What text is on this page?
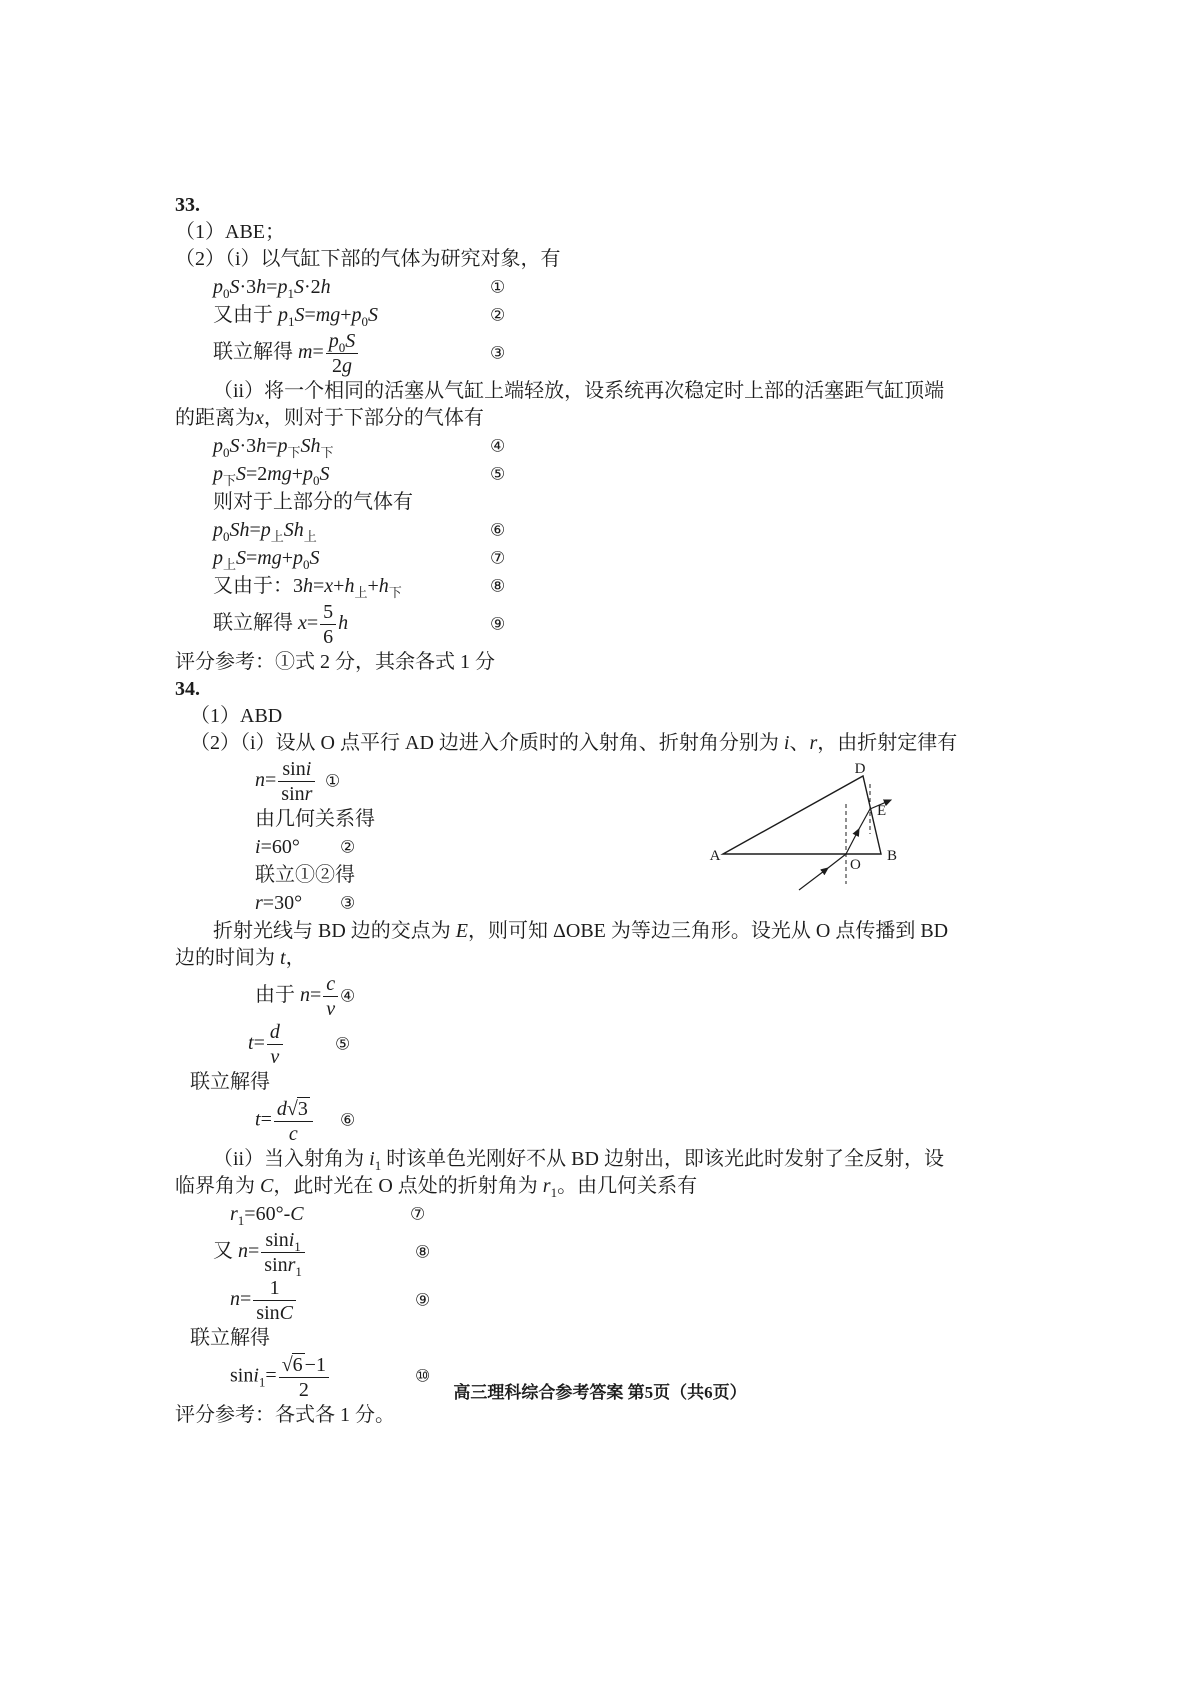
33.
（1）ABE；
（2）（i）以气缸下部的气体为研究对象，有
$p_0S\cdot 3h=p_1S\cdot 2h$	①
又由于 $p_1S=mg+p_0S$	②
联立解得 $m= \frac{p_0S}{2g}$	③
（ii）将一个相同的活塞从气缸上端轻放，设系统再次稳定时上部的活塞距气缸顶端
的距离为x，则对于下部分的气体有
$p_0S\cdot 3h=p_下Sh_下$	④
$p_下S=2mg+p_0S$	⑤
则对于上部分的气体有
$p_0Sh=p_上Sh_上$	⑥
$p_上S=mg+p_0S$	⑦
又由于：$3h=x+h_上+h_下$	⑧
联立解得 $x= \frac{5}{6}$ h	⑨
评分参考：①式 2 分，其余各式 1 分
34.
（1）ABD
（2）（i）设从 O 点平行 AD 边进入介质时的入射角、折射角分别为 i、r，由折射定律有
$n= \frac{\sin i}{\sin r}$ ①
由几何关系得
i=60° ②
联立①②得
r=30° ③
D
A	B
E
O
折射光线与 BD 边的交点为 E，则可知 ΔOBE 为等边三角形。设光从 O 点传播到 BD
边的时间为 t，
由于 $n= \frac{c}{v}$ ④
$t= \frac{d}{v}$	⑤
联立解得
$t= \frac{d√3}{c}$ ⑥
（ii）当入射角为 $i_1$ 时该单色光刚好不从 BD 边射出，即该光此时发射了全反射，设
临界角为 C，此时光在 O 点处的折射角为 $r_1$。由几何关系有
$r_1=60^\circ-C$	⑦
又 $n= \frac{\sin i_1}{\sin r_1}$	⑧
$n= \frac{1}{\sin C}$	⑨
联立解得
$\sin i_1= \frac{√6 -1}{2}$	⑩
评分参考：各式各 1 分。
高三理科综合参考答案 第5页（共6页）
